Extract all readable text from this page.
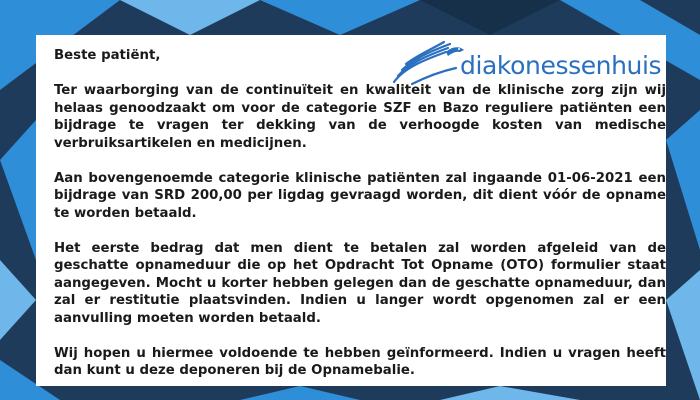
diakonessenhuis

Beste patiënt,

Ter waarborging van de continuïteit en kwaliteit van de klinische zorg zijn wij helaas genoodzaakt om voor de categorie SZF en Bazo reguliere patiënten een bijdrage te vragen ter dekking van de verhoogde kosten van medische verbruiksartikelen en medicijnen.

Aan bovengenoemde categorie klinische patiënten zal ingaande 01-06-2021 een bijdrage van SRD 200,00 per ligdag gevraagd worden, dit dient vóór de opname te worden betaald.

Het eerste bedrag dat men dient te betalen zal worden afgeleid van de geschatte opnameduur die op het Opdracht Tot Opname (OTO) formulier staat aangegeven. Mocht u korter hebben gelegen dan de geschatte opnameduur, dan zal er restitutie plaatsvinden. Indien u langer wordt opgenomen zal er een aanvulling moeten worden betaald.

Wij hopen u hiermee voldoende te hebben geïnformeerd. Indien u vragen heeft dan kunt u deze deponeren bij de Opnamebalie.
